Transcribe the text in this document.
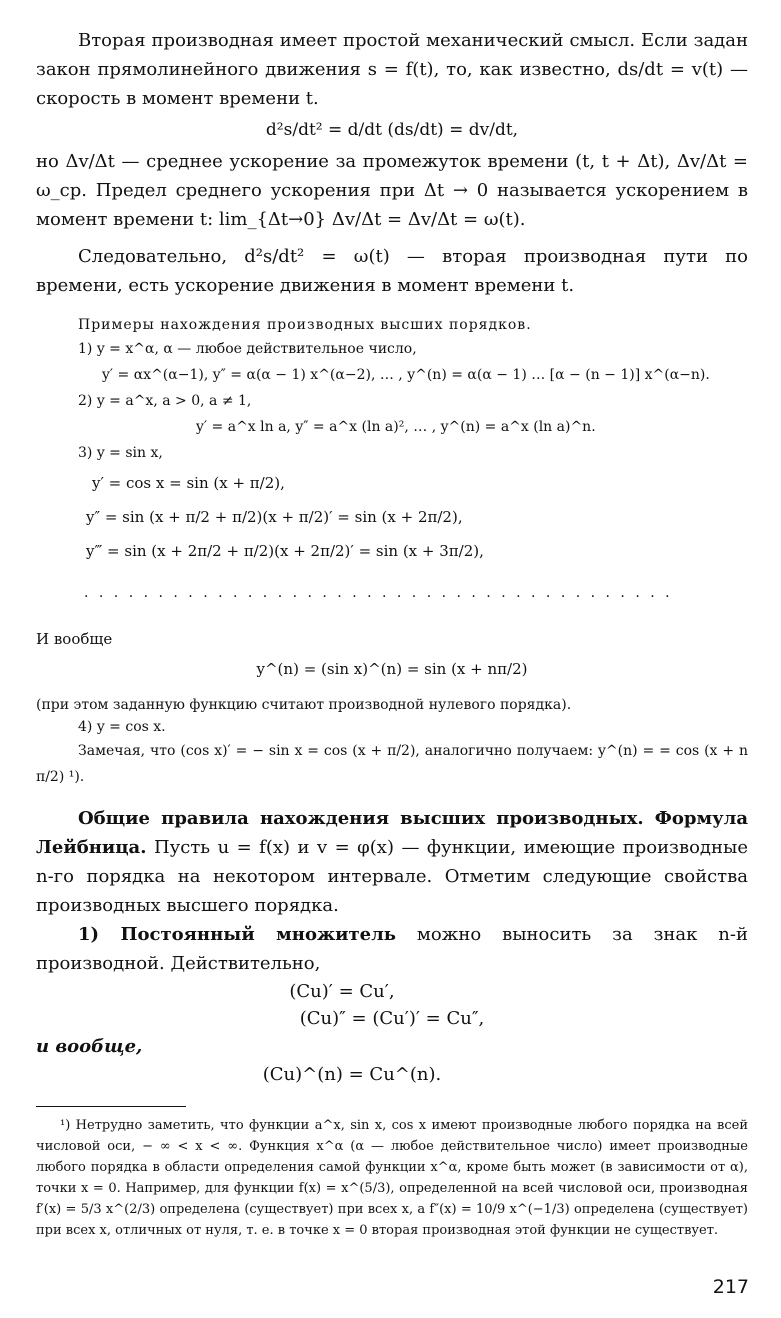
Вторая производная имеет простой механический смысл. Если задан закон прямолинейного движения s = f(t), то, как известно, ds/dt = v(t) — скорость в момент времени t.

d²s/dt² = d/dt (ds/dt) = dv/dt,

но Δv/Δt — среднее ускорение за промежуток времени (t, t + Δt), Δv/Δt = ω_ср. Предел среднего ускорения при Δt → 0 называется ускорением в момент времени t: lim_{Δt→0} Δv/Δt = Δv/Δt = ω(t).

Следовательно, d²s/dt² = ω(t) — вторая производная пути по времени, есть ускорение движения в момент времени t.

Примеры нахождения производных высших порядков.

1) y = x^α, α — любое действительное число,

y′ = αx^(α−1), y″ = α(α − 1) x^(α−2), … , y^(n) = α(α − 1) … [α − (n − 1)] x^(α−n).

2) y = a^x, a > 0, a ≠ 1,

y′ = a^x ln a, y″ = a^x (ln a)², … , y^(n) = a^x (ln a)^n.

3) y = sin x,

y′ = cos x = sin (x + π/2),

y″ = sin (x + π/2 + π/2)(x + π/2)′ = sin (x + 2π/2),

y‴ = sin (x + 2π/2 + π/2)(x + 2π/2)′ = sin (x + 3π/2),

. . . . . . . . . . . . . . . . . . . . . . . . . . . . . . . . . . . . . . . .

И вообще

y^(n) = (sin x)^(n) = sin (x + nπ/2)

(при этом заданную функцию считают производной нулевого порядка).

4) y = cos x.

Замечая, что (cos x)′ = − sin x = cos (x + π/2), аналогично получаем: y^(n) = = cos (x + n π/2) ¹).

Общие правила нахождения высших производных. Формула Лейбница. Пусть u = f(x) и v = φ(x) — функции, имеющие производные n-го порядка на некотором интервале. Отметим следующие свойства производных высшего порядка.

1) Постоянный множитель можно выносить за знак n-й производной. Действительно,

(Cu)′ = Cu′,

(Cu)″ = (Cu′)′ = Cu″,

и вообще,

(Cu)^(n) = Cu^(n).

¹) Нетрудно заметить, что функции a^x, sin x, cos x имеют производные любого порядка на всей числовой оси, − ∞ < x < ∞. Функция x^α (α — любое действительное число) имеет производные любого порядка в области определения самой функции x^α, кроме быть может (в зависимости от α), точки x = 0. Например, для функции f(x) = x^(5/3), определенной на всей числовой оси, производная f′(x) = 5/3 x^(2/3) определена (существует) при всех x, а f″(x) = 10/9 x^(−1/3) определена (существует) при всех x, отличных от нуля, т. е. в точке x = 0 вторая производная этой функции не существует.

217
